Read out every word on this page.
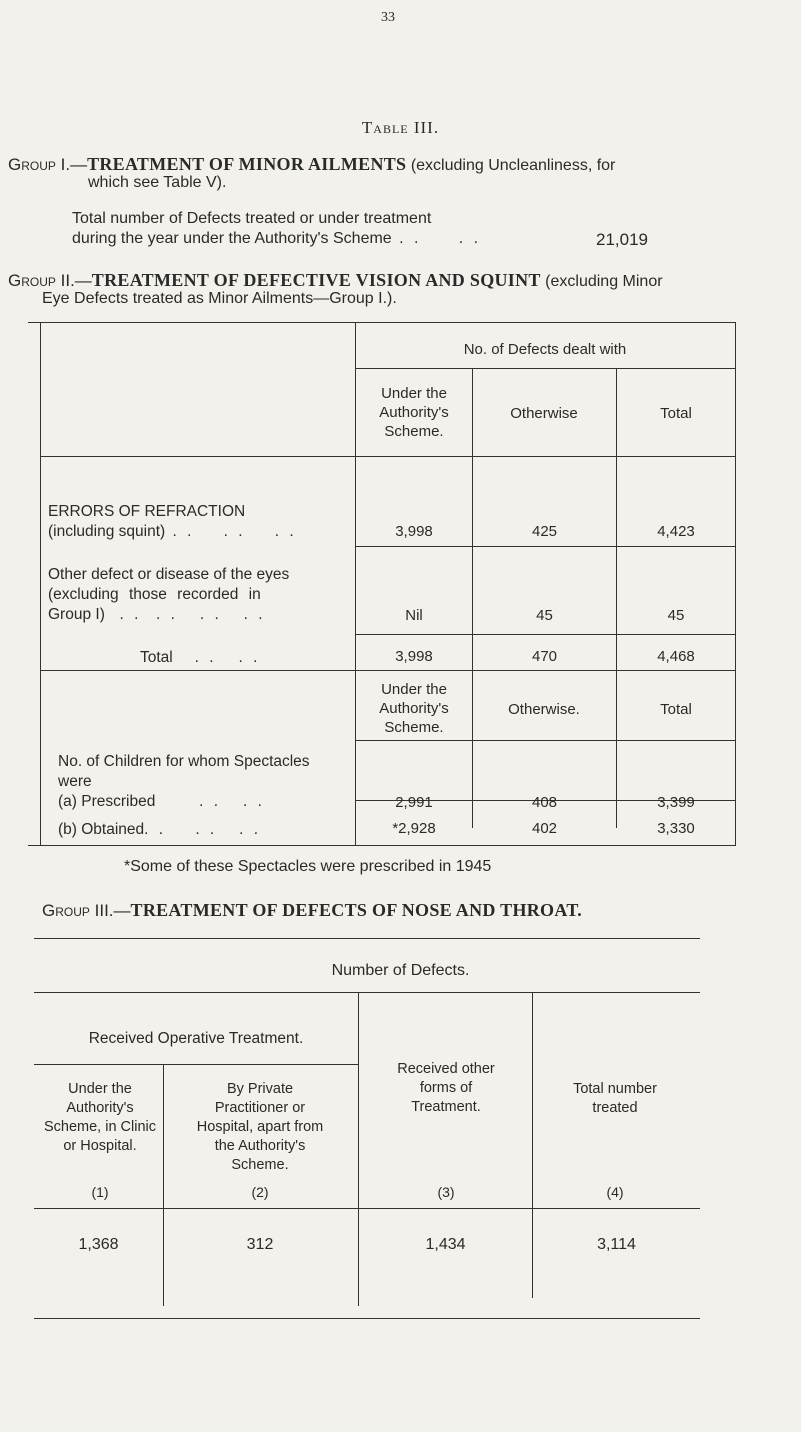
33
Table III.
Group I.—TREATMENT OF MINOR AILMENTS (excluding Uncleanliness, for
which see Table V).
Total number of Defects treated or under treatment
during the year under the Authority's Scheme . .     . .	21,019
Group II.—TREATMENT OF DEFECTIVE VISION AND SQUINT (excluding Minor
Eye Defects treated as Minor Ailments—Group I.).
No. of Defects dealt with
Under the Authority's Scheme.
Otherwise	Total
ERRORS OF REFRACTION
(including squint) . .    . .    . .	3,998	425	4,423
Other defect or disease of the eyes
(excluding those recorded in
Group I)  . .  . .   . .   . .	Nil	45	45
Total   . .   . .	3,998	470	4,468
Under the Authority's Scheme.
Otherwise.	Total
No. of Children for whom Spectacles
were
(a) Prescribed      . .   . .	2,991	408	3,399
(b) Obtained. .    . .   . .	*2,928	402	3,330
*Some of these Spectacles were prescribed in 1945
Group III.—TREATMENT OF DEFECTS OF NOSE AND THROAT.
Number of Defects.
Received Operative Treatment.
Under the Authority's Scheme, in Clinic or Hospital.
By Private Practitioner or Hospital, apart from the Authority's Scheme.
Received other forms of Treatment.
Total number treated
(1)	(2)	(3)	(4)
1,368	312	1,434	3,114
